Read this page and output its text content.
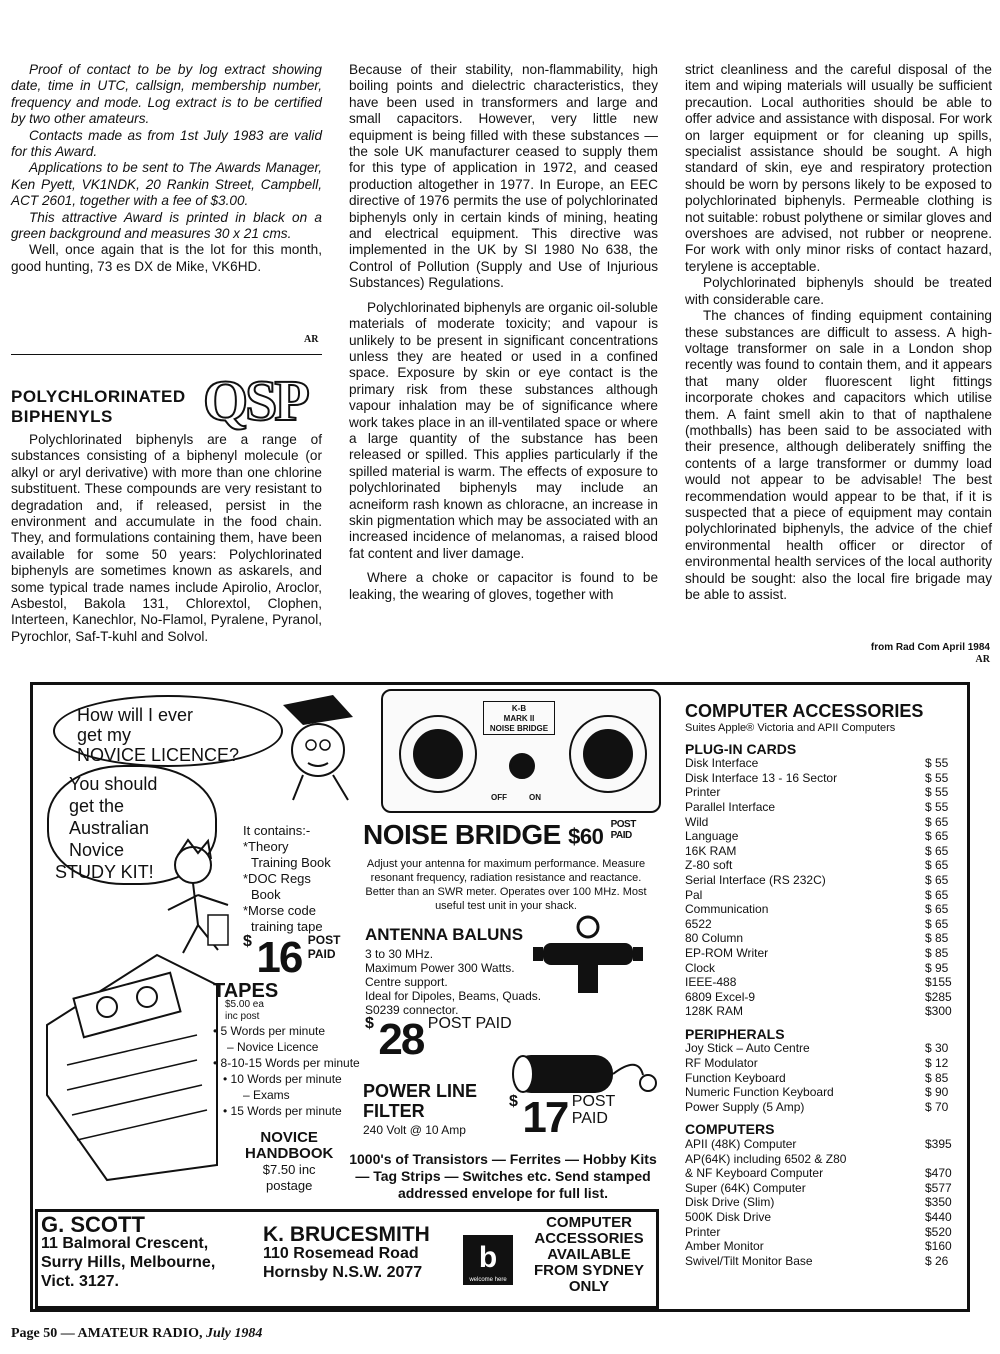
Proof of contact to be by log extract showing date, time in UTC, callsign, membership number, frequency and mode. Log extract is to be certified by two other amateurs.

Contacts made as from 1st July 1983 are valid for this Award.

Applications to be sent to The Awards Manager, Ken Pyett, VK1NDK, 20 Rankin Street, Campbell, ACT 2601, together with a fee of $3.00.

This attractive Award is printed in black on a green background and measures 30 x 21 cms.

Well, once again that is the lot for this month, good hunting, 73 es DX de Mike, VK6HD.

AR
POLYCHLORINATED BIPHENYLS	QSP

Polychlorinated biphenyls are a range of substances consisting of a biphenyl molecule (or alkyl or aryl derivative) with more than one chlorine substituent. These compounds are very resistant to degradation and, if released, persist in the environment and accumulate in the food chain. They, and formulations containing them, have been available for some 50 years: Polychlorinated biphenyls are sometimes known as askarels, and some typical trade names include Apirolio, Aroclor, Asbestol, Bakola 131, Chlorextol, Clophen, Interteen, Kanechlor, No-Flamol, Pyralene, Pyranol, Pyrochlor, Saf-T-kuhl and Solvol.

Because of their stability, non-flammability, high boiling points and dielectric characteristics, they have been used in transformers and large and small capacitors. However, very little new equipment is being filled with these substances — the sole UK manufacturer ceased to supply them for this type of application in 1972, and ceased production altogether in 1977. In Europe, an EEC directive of 1976 permits the use of polychlorinated biphenyls only in certain kinds of mining, heating and electrical equipment. This directive was implemented in the UK by SI 1980 No 638, the Control of Pollution (Supply and Use of Injurious Substances) Regulations.

Polychlorinated biphenyls are organic oil-soluble materials of moderate toxicity; and vapour is unlikely to be present in significant concentrations unless they are heated or used in a confined space. Exposure by skin or eye contact is the primary risk from these substances although vapour inhalation may be of significance where work takes place in an ill-ventilated space or where a large quantity of the substance has been released or spilled. This applies particularly if the spilled material is warm. The effects of exposure to polychlorinated biphenyls may include an acneiform rash known as chloracne, an increase in skin pigmentation which may be associated with an increased incidence of melanomas, a raised blood fat content and liver damage.

Where a choke or capacitor is found to be leaking, the wearing of gloves, together with

strict cleanliness and the careful disposal of the item and wiping materials will usually be sufficient precaution. Local authorities should be able to offer advice and assistance with disposal. For work on larger equipment or for cleaning up spills, specialist assistance should be sought. A high standard of skin, eye and respiratory protection should be worn by persons likely to be exposed to polychlorinated biphenyls. Permeable clothing is not suitable: robust polythene or similar gloves and overshoes are advised, not rubber or neoprene. For work with only minor risks of contact hazard, terylene is acceptable.

Polychlorinated biphenyls should be treated with considerable care.

The chances of finding equipment containing these substances are difficult to assess. A high-voltage transformer on sale in a London shop recently was found to contain them, and it appears that many older fluorescent light fittings incorporate chokes and capacitors which utilise them. A faint smell akin to that of napthalene (mothballs) has been said to be associated with their presence, although deliberately sniffing the contents of a large transformer or dummy load would not appear to be advisable! The best recommendation would appear to be that, if it is suspected that a piece of equipment may contain polychlorinated biphenyls, the advice of the chief environmental health officer or director of environmental health services of the local authority should be sought: also the local fire brigade may be able to assist.

from Rad Com April 1984
AR
How will I ever
get my
NOVICE LICENCE?
You should
get the
Australian
Novice
STUDY KIT!
It contains:-
*Theory
Training Book
*DOC Regs
Book
*Morse code
training tape
$ 16 POST
PAID
TAPES
$5.00 ea
inc post
• 5 Words per minute
– Novice Licence
• 8-10-15 Words per minute
• 10 Words per minute
– Exams
• 15 Words per minute
NOVICE
HANDBOOK
$7.50 inc
postage
K-B
MARK II
NOISE BRIDGE
OFF	ON
NOISE BRIDGE $60 POST
PAID
Adjust your antenna for maximum performance. Measure resonant frequency, radiation resistance and reactance. Better than an SWR meter. Operates over 100 MHz. Most useful test unit in your shack.
ANTENNA BALUNS
3 to 30 MHz.
Maximum Power 300 Watts.
Centre support.
Ideal for Dipoles, Beams, Quads.
S0239 connector.
$ 28 POST PAID
POWER LINE
FILTER
240 Volt @ 10 Amp
$ 17 POST
PAID
1000's of Transistors — Ferrites — Hobby Kits — Tag Strips — Switches etc. Send stamped addressed envelope for full list.
G. SCOTT
11 Balmoral Crescent,
Surry Hills, Melbourne,
Vict. 3127.
K. BRUCESMITH
110 Rosemead Road
Hornsby N.S.W. 2077	b
welcome here
COMPUTER
ACCESSORIES
AVAILABLE
FROM SYDNEY
ONLY
COMPUTER ACCESSORIES
Suites Apple® Victoria and APII Computers
PLUG-IN CARDS
Disk Interface	$ 55
Disk Interface 13 - 16 Sector	$ 55
Printer	$ 55
Parallel Interface	$ 55
Wild	$ 65
Language	$ 65
16K RAM	$ 65
Z-80 soft	$ 65
Serial Interface (RS 232C)	$ 65
Pal	$ 65
Communication	$ 65
6522	$ 65
80 Column	$ 85
EP-ROM Writer	$ 85
Clock	$ 95
IEEE-488	$155
6809 Excel-9	$285
128K RAM	$300
PERIPHERALS
Joy Stick – Auto Centre	$ 30
RF Modulator	$ 12
Function Keyboard	$ 85
Numeric Function Keyboard	$ 90
Power Supply (5 Amp)	$ 70
COMPUTERS
APII (48K) Computer	$395
AP(64K) including 6502 & Z80
& NF Keyboard Computer	$470
Super (64K) Computer	$577
Disk Drive (Slim)	$350
500K Disk Drive	$440
Printer	$520
Amber Monitor	$160
Swivel/Tilt Monitor Base	$ 26
Page 50 — AMATEUR RADIO, July 1984
